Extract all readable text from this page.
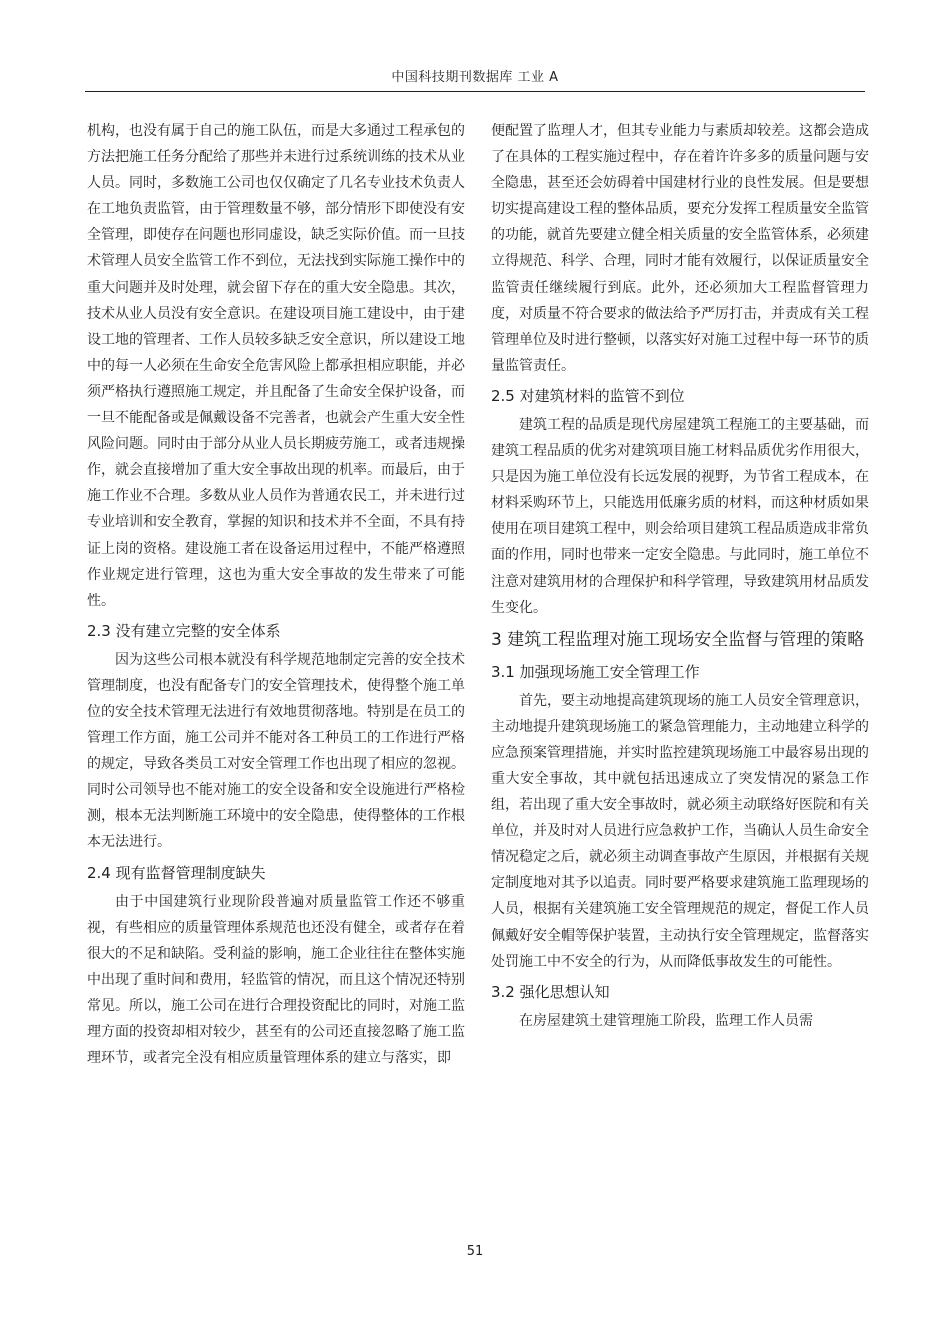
中国科技期刊数据库 工业 A

机构，也没有属于自己的施工队伍，而是大多通过工程承包的方法把施工任务分配给了那些并未进行过系统训练的技术从业人员。同时，多数施工公司也仅仅确定了几名专业技术负责人在工地负责监管，由于管理数量不够，部分情形下即使没有安全管理，即使存在问题也形同虚设，缺乏实际价值。而一旦技术管理人员安全监管工作不到位，无法找到实际施工操作中的重大问题并及时处理，就会留下存在的重大安全隐患。其次，技术从业人员没有安全意识。在建设项目施工建设中，由于建设工地的管理者、工作人员较多缺乏安全意识，所以建设工地中的每一人必须在生命安全危害风险上都承担相应职能，并必须严格执行遵照施工规定，并且配备了生命安全保护设备，而一旦不能配备或是佩戴设备不完善者，也就会产生重大安全性风险问题。同时由于部分从业人员长期疲劳施工，或者违规操作，就会直接增加了重大安全事故出现的机率。而最后，由于施工作业不合理。多数从业人员作为普通农民工，并未进行过专业培训和安全教育，掌握的知识和技术并不全面，不具有持证上岗的资格。建设施工者在设备运用过程中，不能严格遵照作业规定进行管理，这也为重大安全事故的发生带来了可能性。

2.3 没有建立完整的安全体系

因为这些公司根本就没有科学规范地制定完善的安全技术管理制度，也没有配备专门的安全管理技术，使得整个施工单位的安全技术管理无法进行有效地贯彻落地。特别是在员工的管理工作方面，施工公司并不能对各工种员工的工作进行严格的规定，导致各类员工对安全管理工作也出现了相应的忽视。同时公司领导也不能对施工的安全设备和安全设施进行严格检测，根本无法判断施工环境中的安全隐患，使得整体的工作根本无法进行。

2.4 现有监督管理制度缺失

由于中国建筑行业现阶段普遍对质量监管工作还不够重视，有些相应的质量管理体系规范也还没有健全，或者存在着很大的不足和缺陷。受利益的影响，施工企业往往在整体实施中出现了重时间和费用，轻监管的情况，而且这个情况还特别常见。所以，施工公司在进行合理投资配比的同时，对施工监理方面的投资却相对较少，甚至有的公司还直接忽略了施工监理环节，或者完全没有相应质量管理体系的建立与落实，即

便配置了监理人才，但其专业能力与素质却较差。这都会造成了在具体的工程实施过程中，存在着许许多多的质量问题与安全隐患，甚至还会妨碍着中国建材行业的良性发展。但是要想切实提高建设工程的整体品质，要充分发挥工程质量安全监管的功能，就首先要建立健全相关质量的安全监管体系，必须建立得规范、科学、合理，同时才能有效履行，以保证质量安全监管责任继续履行到底。此外，还必须加大工程监督管理力度，对质量不符合要求的做法给予严厉打击，并责成有关工程管理单位及时进行整顿，以落实好对施工过程中每一环节的质量监管责任。

2.5 对建筑材料的监管不到位

建筑工程的品质是现代房屋建筑工程施工的主要基础，而建筑工程品质的优劣对建筑项目施工材料品质优劣作用很大，只是因为施工单位没有长远发展的视野，为节省工程成本，在材料采购环节上，只能选用低廉劣质的材料，而这种材质如果使用在项目建筑工程中，则会给项目建筑工程品质造成非常负面的作用，同时也带来一定安全隐患。与此同时，施工单位不注意对建筑用材的合理保护和科学管理，导致建筑用材品质发生变化。

3 建筑工程监理对施工现场安全监督与管理的策略
3.1 加强现场施工安全管理工作

首先，要主动地提高建筑现场的施工人员安全管理意识，主动地提升建筑现场施工的紧急管理能力，主动地建立科学的应急预案管理措施，并实时监控建筑现场施工中最容易出现的重大安全事故，其中就包括迅速成立了突发情况的紧急工作组，若出现了重大安全事故时，就必须主动联络好医院和有关单位，并及时对人员进行应急救护工作，当确认人员生命安全情况稳定之后，就必须主动调查事故产生原因，并根据有关规定制度地对其予以追责。同时要严格要求建筑施工监理现场的人员，根据有关建筑施工安全管理规范的规定，督促工作人员佩戴好安全帽等保护装置，主动执行安全管理规定，监督落实处罚施工中不安全的行为，从而降低事故发生的可能性。

3.2 强化思想认知

在房屋建筑土建管理施工阶段，监理工作人员需

51
